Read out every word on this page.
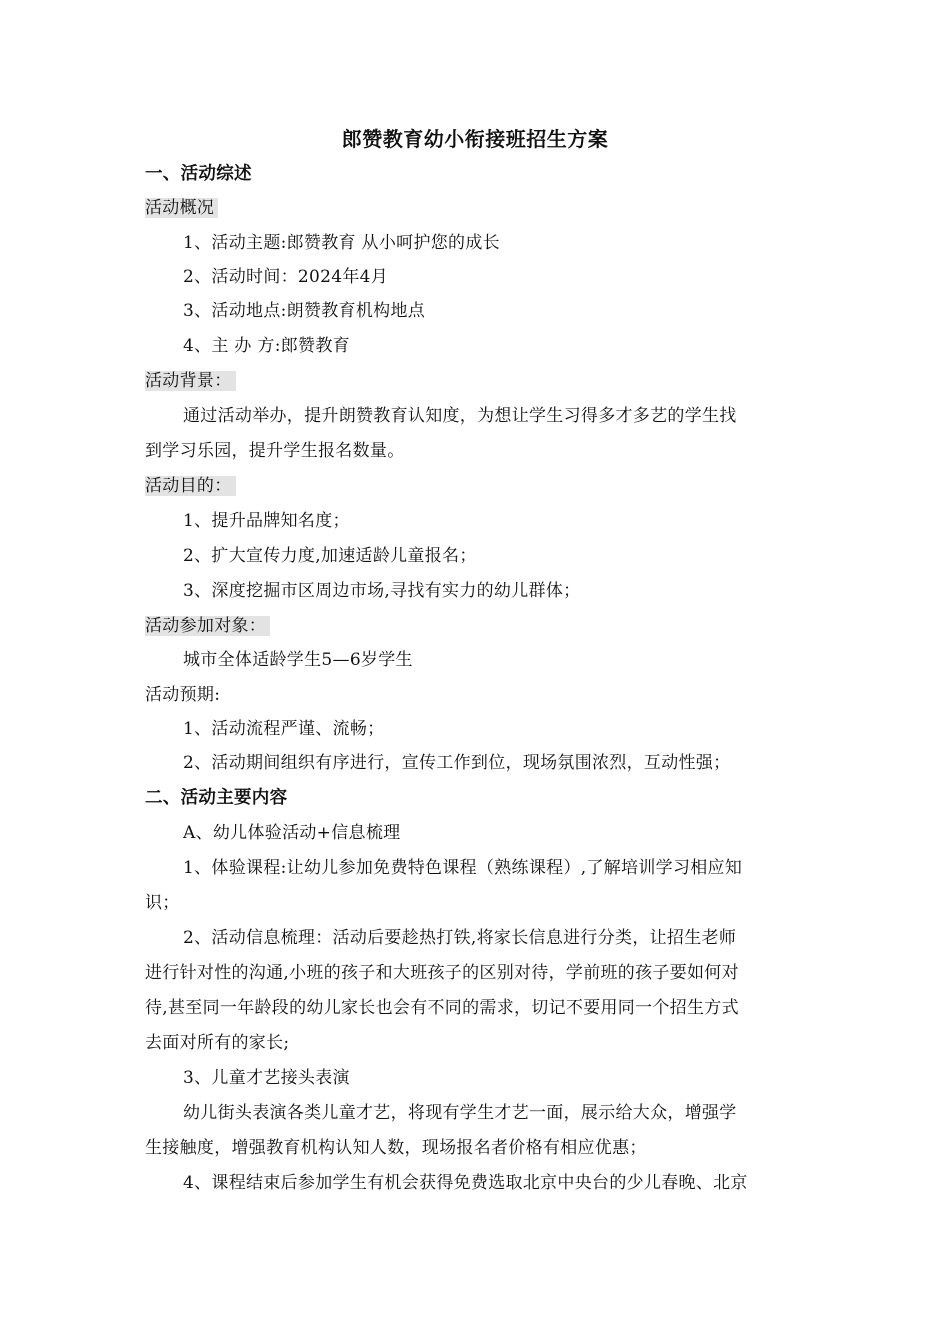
郎赞教育幼小衔接班招生方案
一、活动综述
活动概况
1、活动主题:郎赞教育 从小呵护您的成长
2、活动时间：2024年4月
3、活动地点:朗赞教育机构地点
4、主 办 方:郎赞教育
活动背景：
通过活动举办，提升朗赞教育认知度，为想让学生习得多才多艺的学生找
到学习乐园，提升学生报名数量。
活动目的：
1、提升品牌知名度；
2、扩大宣传力度,加速适龄儿童报名；
3、深度挖掘市区周边市场,寻找有实力的幼儿群体；
活动参加对象：
城市全体适龄学生5—6岁学生
活动预期:
1、活动流程严谨、流畅；
2、活动期间组织有序进行，宣传工作到位，现场氛围浓烈，互动性强；
二、活动主要内容
A、幼儿体验活动+信息梳理
1、体验课程:让幼儿参加免费特色课程（熟练课程）,了解培训学习相应知
识；
2、活动信息梳理：活动后要趁热打铁,将家长信息进行分类，让招生老师
进行针对性的沟通,小班的孩子和大班孩子的区别对待，学前班的孩子要如何对
待,甚至同一年龄段的幼儿家长也会有不同的需求，切记不要用同一个招生方式
去面对所有的家长;
3、儿童才艺接头表演
幼儿街头表演各类儿童才艺，将现有学生才艺一面，展示给大众，增强学
生接触度，增强教育机构认知人数，现场报名者价格有相应优惠；
4、课程结束后参加学生有机会获得免费选取北京中央台的少儿春晚、北京
